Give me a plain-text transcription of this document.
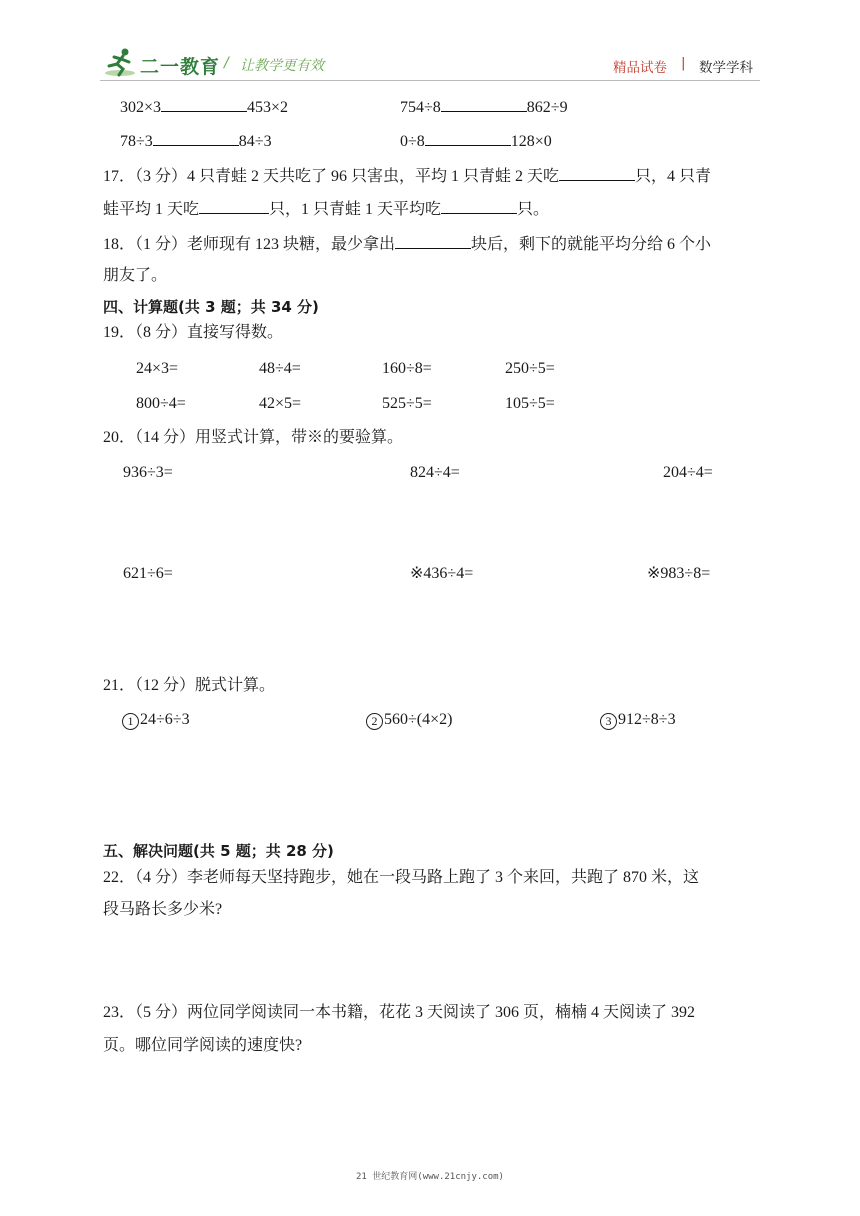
二一教育 / 让教学更有效	精品试卷 | 数学学科
302×3	453×2	754÷8	862÷9
78÷3	84÷3	0÷8	128×0
17．（3 分）4 只青蛙 2 天共吃了 96 只害虫，平均 1 只青蛙 2 天吃	只，4 只青
蛙平均 1 天吃	只，1 只青蛙 1 天平均吃	只。
18．（1 分）老师现有 123 块糖，最少拿出	块后，剩下的就能平均分给 6 个小
朋友了。
四、计算题(共 3 题；共 34 分)
19．（8 分）直接写得数。
24×3=	48÷4=	160÷8=	250÷5=
800÷4=	42×5=	525÷5=	105÷5=
20．（14 分）用竖式计算，带※的要验算。
936÷3=	824÷4=	204÷4=
621÷6=	※436÷4=	※983÷8=
21．（12 分）脱式计算。
1 24÷6÷3	2 560÷(4×2)	3 912÷8÷3
五、解决问题(共 5 题；共 28 分)
22．（4 分）李老师每天坚持跑步，她在一段马路上跑了 3 个来回，共跑了 870 米，这
段马路长多少米?
23．（5 分）两位同学阅读同一本书籍，花花 3 天阅读了 306 页，楠楠 4 天阅读了 392
页。哪位同学阅读的速度快?
21 世纪教育网(www.21cnjy.com)
